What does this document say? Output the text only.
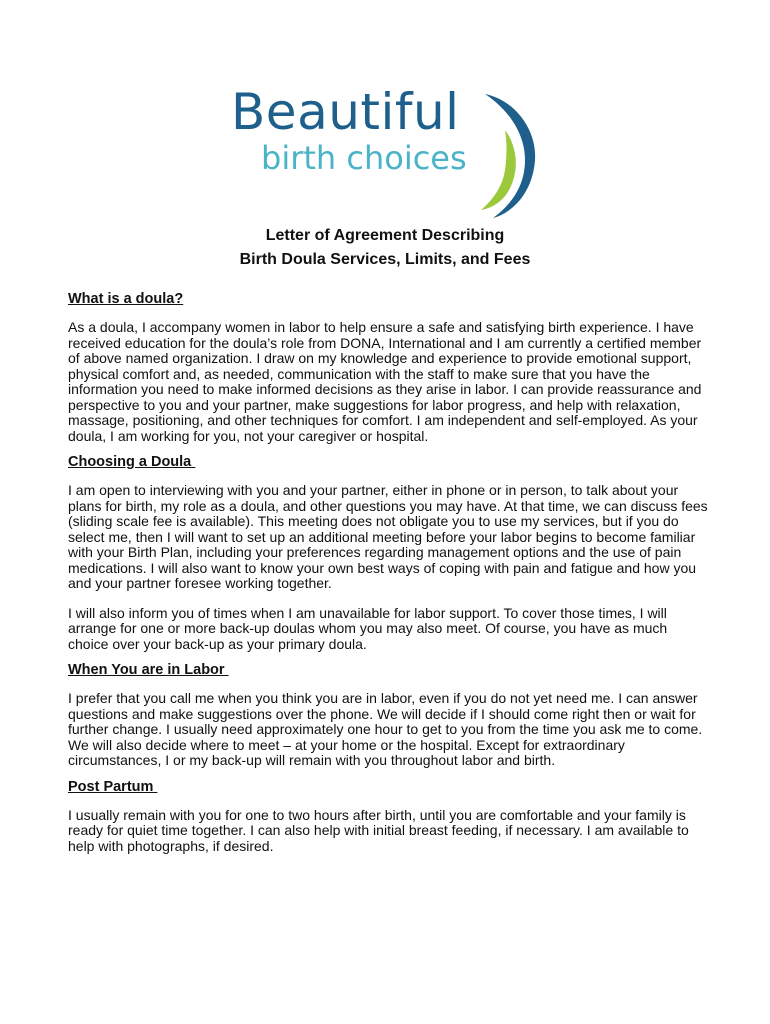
Beautiful
birth choices
Letter of Agreement Describing
Birth Doula Services, Limits, and Fees
What is a doula?
As a doula, I accompany women in labor to help ensure a safe and satisfying birth experience. I have received education for the doula’s role from DONA, International and I am currently a certified member of above named organization. I draw on my knowledge and experience to provide emotional support, physical comfort and, as needed, communication with the staff to make sure that you have the information you need to make informed decisions as they arise in labor. I can provide reassurance and perspective to you and your partner, make suggestions for labor progress, and help with relaxation, massage, positioning, and other techniques for comfort. I am independent and self-employed. As your doula, I am working for you, not your caregiver or hospital.
Choosing a Doula
I am open to interviewing with you and your partner, either in phone or in person, to talk about your plans for birth, my role as a doula, and other questions you may have. At that time, we can discuss fees (sliding scale fee is available). This meeting does not obligate you to use my services, but if you do select me, then I will want to set up an additional meeting before your labor begins to become familiar with your Birth Plan, including your preferences regarding management options and the use of pain medications. I will also want to know your own best ways of coping with pain and fatigue and how you and your partner foresee working together.
I will also inform you of times when I am unavailable for labor support. To cover those times, I will arrange for one or more back-up doulas whom you may also meet. Of course, you have as much choice over your back-up as your primary doula.
When You are in Labor
I prefer that you call me when you think you are in labor, even if you do not yet need me. I can answer questions and make suggestions over the phone. We will decide if I should come right then or wait for further change. I usually need approximately one hour to get to you from the time you ask me to come. We will also decide where to meet – at your home or the hospital. Except for extraordinary circumstances, I or my back-up will remain with you throughout labor and birth.
Post Partum
I usually remain with you for one to two hours after birth, until you are comfortable and your family is ready for quiet time together. I can also help with initial breast feeding, if necessary. I am available to help with photographs, if desired.
